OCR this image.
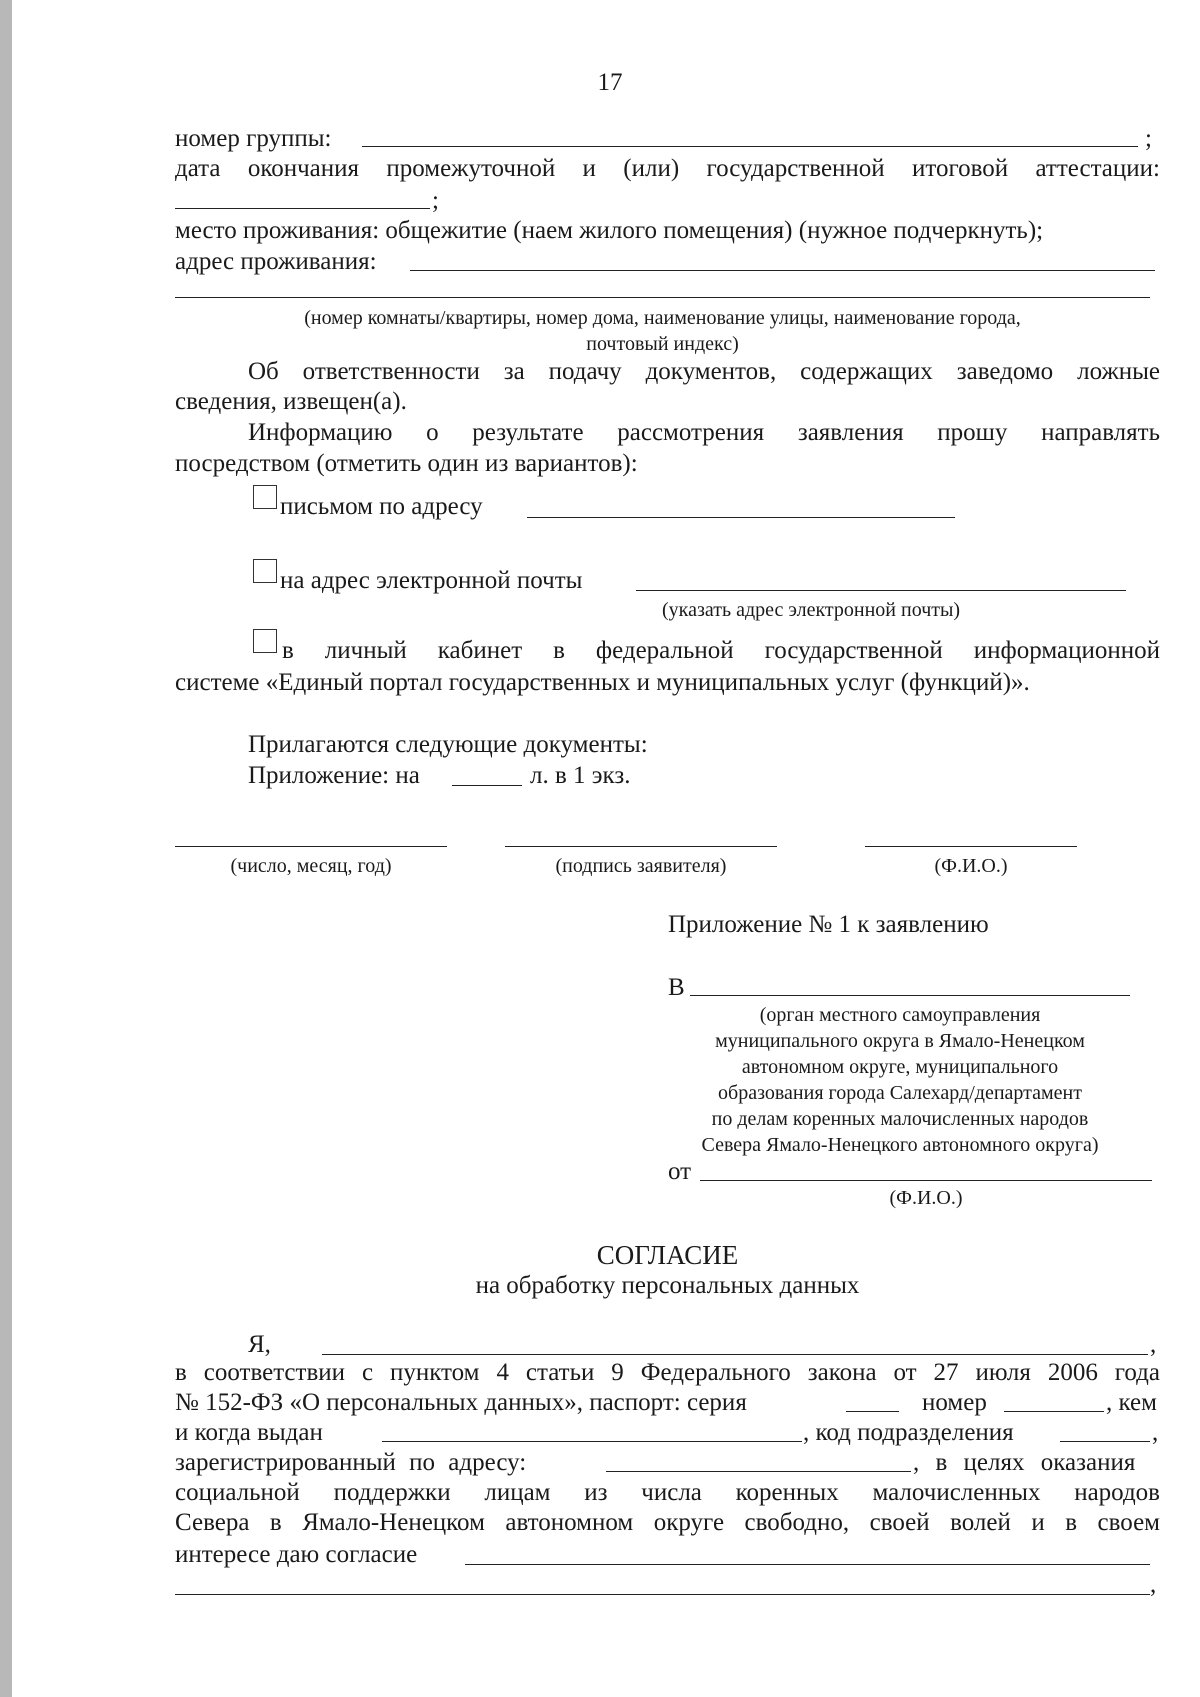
17
номер группы:	;
дата окончания промежуточной и (или) государственной итоговой аттестации:
;
место проживания: общежитие (наем жилого помещения) (нужное подчеркнуть);
адрес проживания:
(номер комнаты/квартиры, номер дома, наименование улицы, наименование города,
почтовый индекс)
Об ответственности за подачу документов, содержащих заведомо ложные
сведения, извещен(а).
Информацию о результате рассмотрения заявления прошу направлять
посредством (отметить один из вариантов):
письмом по адресу
на адрес электронной почты
(указать адрес электронной почты)
в личный кабинет в федеральной государственной информационной
системе «Единый портал государственных и муниципальных услуг (функций)».
Прилагаются следующие документы:
Приложение: на	л. в 1 экз.
(число, месяц, год)	(подпись заявителя)	(Ф.И.О.)
Приложение № 1 к заявлению
В
(орган местного самоуправления
муниципального округа в Ямало-Ненецком
автономном округе, муниципального
образования города Салехард/департамент
по делам коренных малочисленных народов
Севера Ямало-Ненецкого автономного округа)
от
(Ф.И.О.)
СОГЛАСИЕ
на обработку персональных данных
Я,	,
в соответствии с пунктом 4 статьи 9 Федерального закона от 27 июля 2006 года
№ 152-ФЗ «О персональных данных», паспорт: серия	номер	, кем
и когда выдан	, код подразделения	,
зарегистрированный по адресу:	, в целях оказания
социальной поддержки лицам из числа коренных малочисленных народов
Севера в Ямало-Ненецком автономном округе свободно, своей волей и в своем
интересе даю согласие
,
